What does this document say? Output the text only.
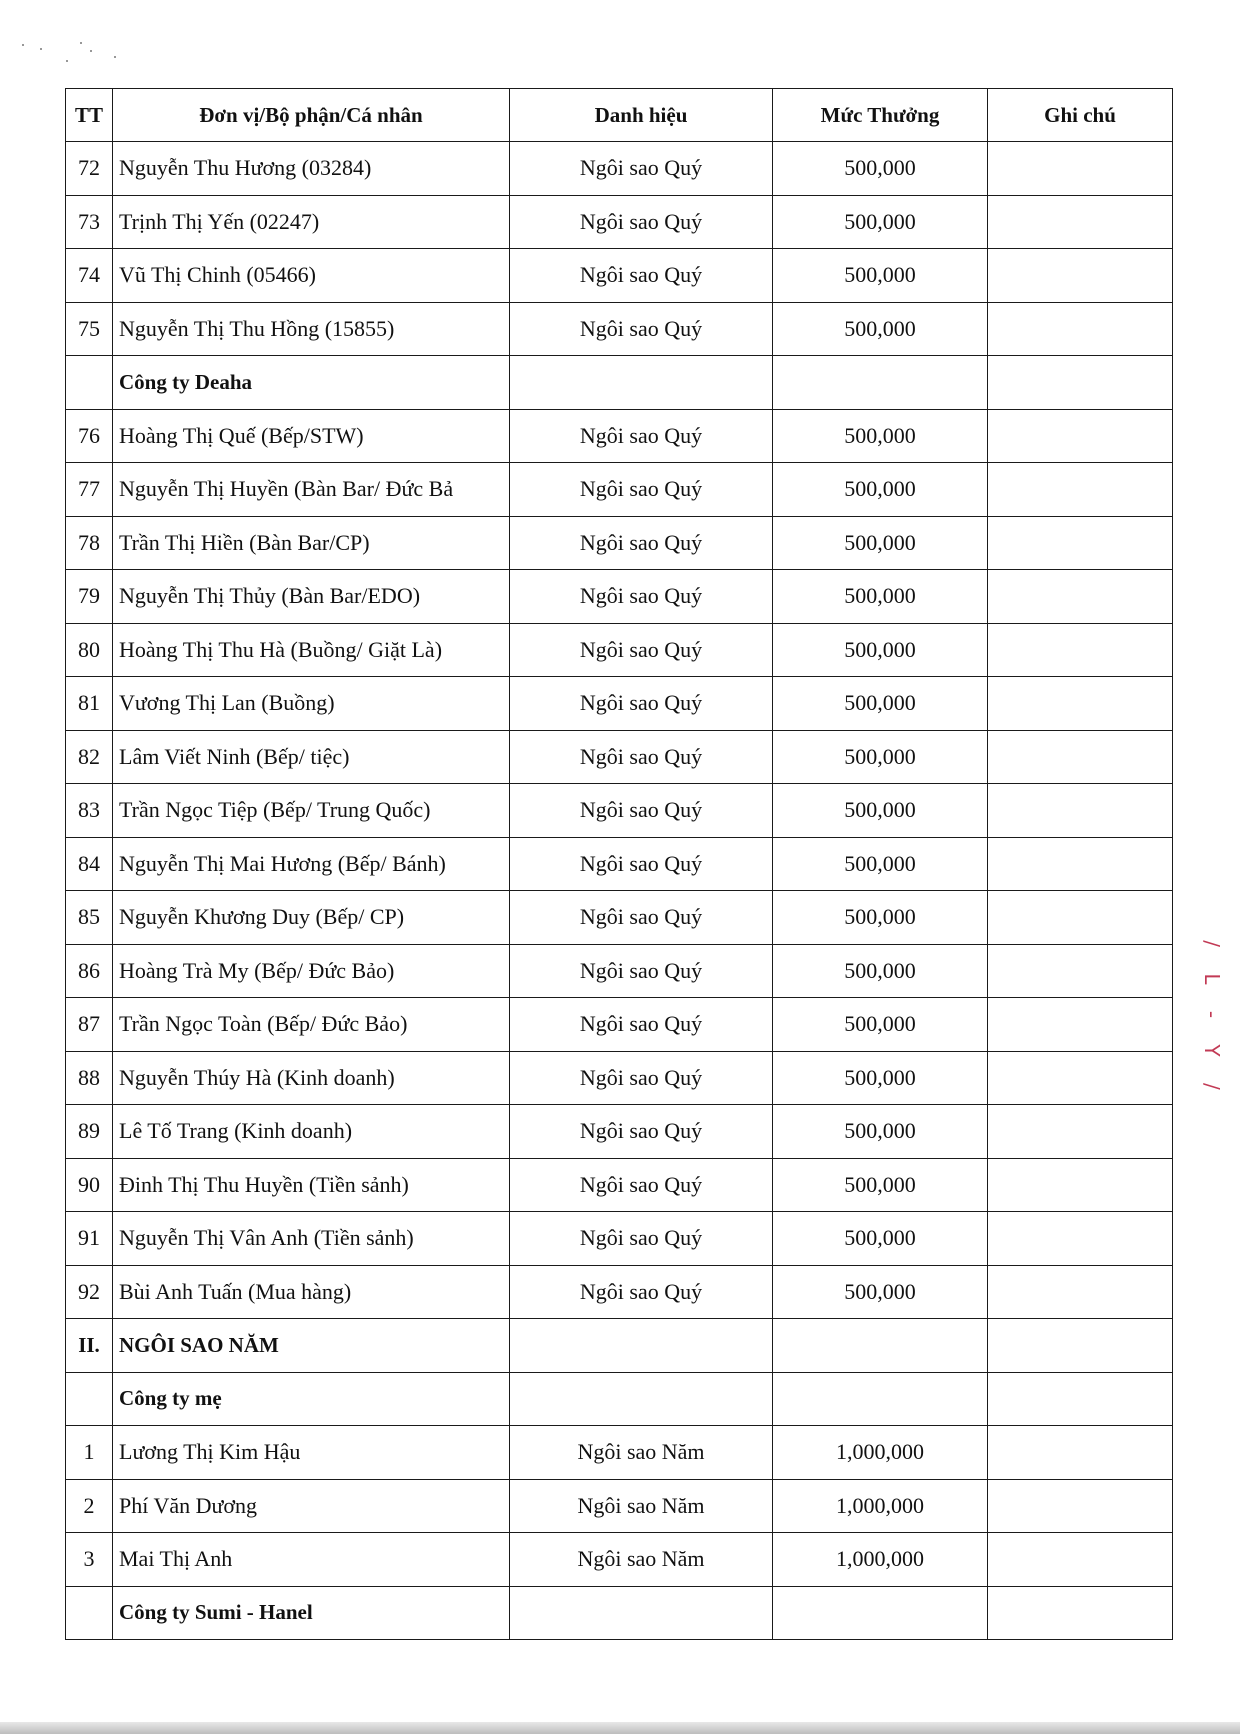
TT	Đơn vị/Bộ phận/Cá nhân	Danh hiệu	Mức Thưởng	Ghi chú
72	Nguyễn Thu Hương (03284)	Ngôi sao Quý	500,000	
73	Trịnh Thị Yến (02247)	Ngôi sao Quý	500,000	
74	Vũ Thị Chinh (05466)	Ngôi sao Quý	500,000	
75	Nguyễn Thị Thu Hồng (15855)	Ngôi sao Quý	500,000	
	Công ty Deaha			
76	Hoàng Thị Quế (Bếp/STW)	Ngôi sao Quý	500,000	
77	Nguyễn Thị Huyền (Bàn Bar/ Đức Bả	Ngôi sao Quý	500,000	
78	Trần Thị Hiền (Bàn Bar/CP)	Ngôi sao Quý	500,000	
79	Nguyễn Thị Thủy (Bàn Bar/EDO)	Ngôi sao Quý	500,000	
80	Hoàng Thị Thu Hà (Buồng/ Giặt Là)	Ngôi sao Quý	500,000	
81	Vương Thị Lan (Buồng)	Ngôi sao Quý	500,000	
82	Lâm Viết Ninh (Bếp/ tiệc)	Ngôi sao Quý	500,000	
83	Trần Ngọc Tiệp (Bếp/ Trung Quốc)	Ngôi sao Quý	500,000	
84	Nguyễn Thị Mai Hương (Bếp/ Bánh)	Ngôi sao Quý	500,000	
85	Nguyễn Khương Duy (Bếp/ CP)	Ngôi sao Quý	500,000	
86	Hoàng Trà My (Bếp/ Đức Bảo)	Ngôi sao Quý	500,000	
87	Trần Ngọc Toàn (Bếp/ Đức Bảo)	Ngôi sao Quý	500,000	
88	Nguyễn Thúy Hà (Kinh doanh)	Ngôi sao Quý	500,000	
89	Lê Tố Trang (Kinh doanh)	Ngôi sao Quý	500,000	
90	Đinh Thị Thu Huyền (Tiền sảnh)	Ngôi sao Quý	500,000	
91	Nguyễn Thị Vân Anh (Tiền sảnh)	Ngôi sao Quý	500,000	
92	Bùi Anh Tuấn (Mua hàng)	Ngôi sao Quý	500,000	
II.	NGÔI SAO NĂM			
	Công ty mẹ			
1	Lương Thị Kim Hậu	Ngôi sao Năm	1,000,000	
2	Phí Văn Dương	Ngôi sao Năm	1,000,000	
3	Mai Thị Anh	Ngôi sao Năm	1,000,000	
	Công ty Sumi - Hanel			
/ L - Y /
